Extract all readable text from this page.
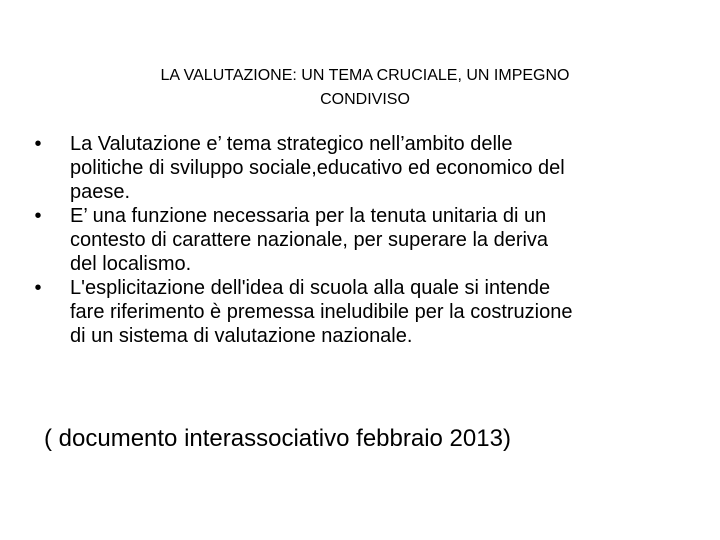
LA VALUTAZIONE: UN TEMA CRUCIALE, UN IMPEGNO
CONDIVISO
•	La Valutazione e’ tema strategico nell’ambito delle
politiche di sviluppo sociale,educativo ed economico del
paese.
•	E’ una funzione necessaria per la tenuta unitaria di un
contesto di carattere nazionale, per superare la deriva
del localismo.
•	L'esplicitazione dell'idea di scuola alla quale si intende
fare riferimento è premessa ineludibile per la costruzione
di un sistema di valutazione nazionale.

( documento interassociativo febbraio 2013)
